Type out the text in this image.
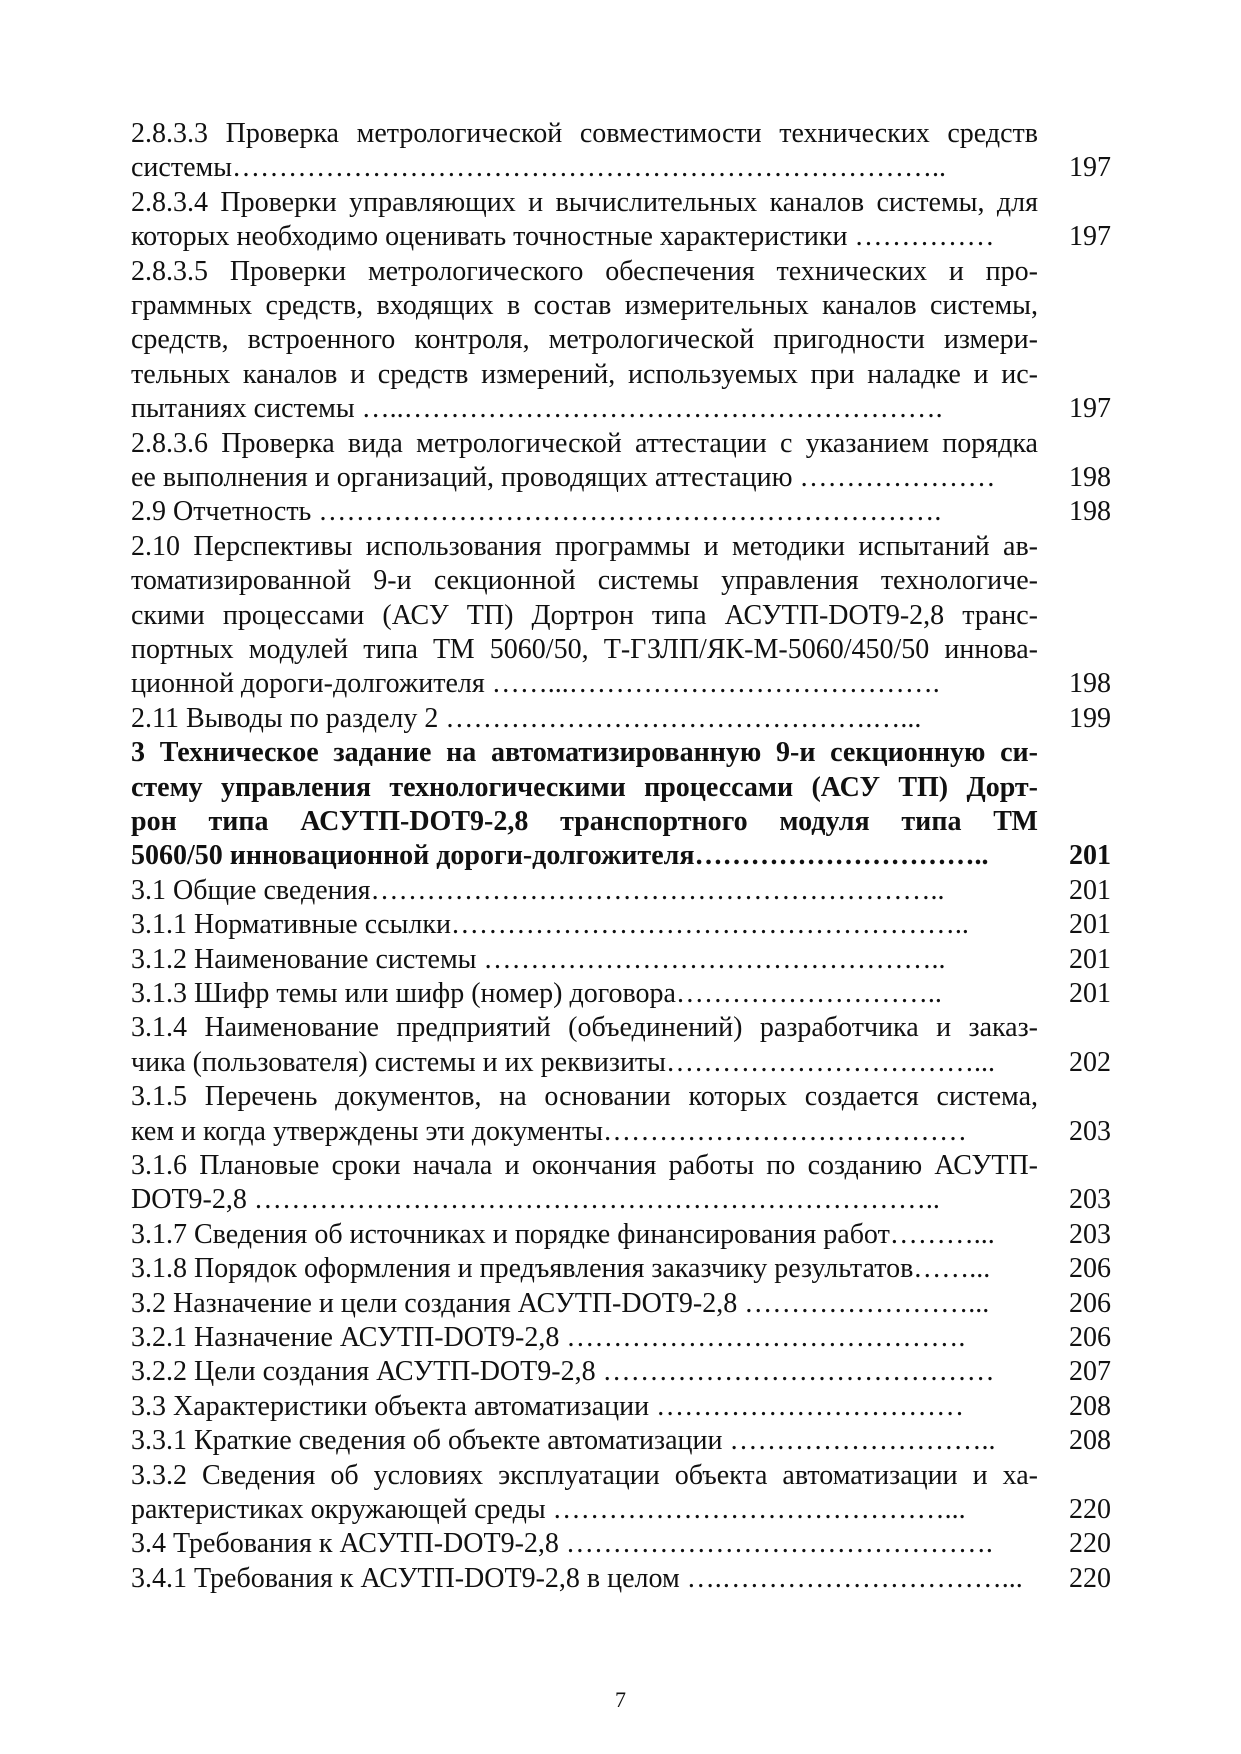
2.8.3.3 Проверка метрологической совместимости технических средств
системы…………………………………………………………………..	197
2.8.3.4 Проверки управляющих и вычислительных каналов системы, для
которых необходимо оценивать точностные характеристики ……………	197
2.8.3.5 Проверки метрологического обеспечения технических и про-
граммных средств, входящих в состав измерительных каналов системы,
средств, встроенного контроля, метрологической пригодности измери-
тельных каналов и средств измерений, используемых при наладке и ис-
пытаниях системы …..………………………………………………….	197
2.8.3.6 Проверка вида метрологической аттестации с указанием порядка
ее выполнения и организаций, проводящих аттестацию …………………	198
2.9 Отчетность ………………………………………………………….	198
2.10 Перспективы использования программы и методики испытаний ав-
томатизированной 9-и секционной системы управления технологиче-
скими процессами (АСУ ТП) Дортрон типа АСУТП-DOT9-2,8 транс-
портных модулей типа ТМ 5060/50, Т-ГЗЛП/ЯК-М-5060/450/50 иннова-
ционной дороги-долгожителя ……...………………………………….	198
2.11 Выводы по разделу 2 ……………………………………….…...	199
3 Техническое задание на автоматизированную 9-и секционную си-
стему управления технологическими процессами (АСУ ТП) Дорт-
рон типа АСУТП-DOT9-2,8 транспортного модуля типа ТМ
5060/50 инновационной дороги-долгожителя…………………………..	201
3.1 Общие сведения……………………………………………………..	201
3.1.1 Нормативные ссылки………………………………………………..	201
3.1.2 Наименование системы …………………………………………..	201
3.1.3 Шифр темы или шифр (номер) договора………………………..	201
3.1.4 Наименование предприятий (объединений) разработчика и заказ-
чика (пользователя) системы и их реквизиты……………………………...	202
3.1.5 Перечень документов, на основании которых создается система,
кем и когда утверждены эти документы…………………………………	203
3.1.6 Плановые сроки начала и окончания работы по созданию АСУТП-
DOT9-2,8 ………………………………………………………………..	203
3.1.7 Сведения об источниках и порядке финансирования работ………...	203
3.1.8 Порядок оформления и предъявления заказчику результатов……...	206
3.2 Назначение и цели создания АСУТП-DOT9-2,8 ……………………...	206
3.2.1 Назначение АСУТП-DOT9-2,8 …………………………………….	206
3.2.2 Цели создания АСУТП-DOT9-2,8 ……………………………………	207
3.3 Характеристики объекта автоматизации ……………………………	208
3.3.1 Краткие сведения об объекте автоматизации ………………………..	208
3.3.2 Сведения об условиях эксплуатации объекта автоматизации и ха-
рактеристиках окружающей среды ……………………………………...	220
3.4 Требования к АСУТП-DOT9-2,8 ……………………………………….	220
3.4.1 Требования к АСУТП-DOT9-2,8 в целом ….…………………………...	220
7
